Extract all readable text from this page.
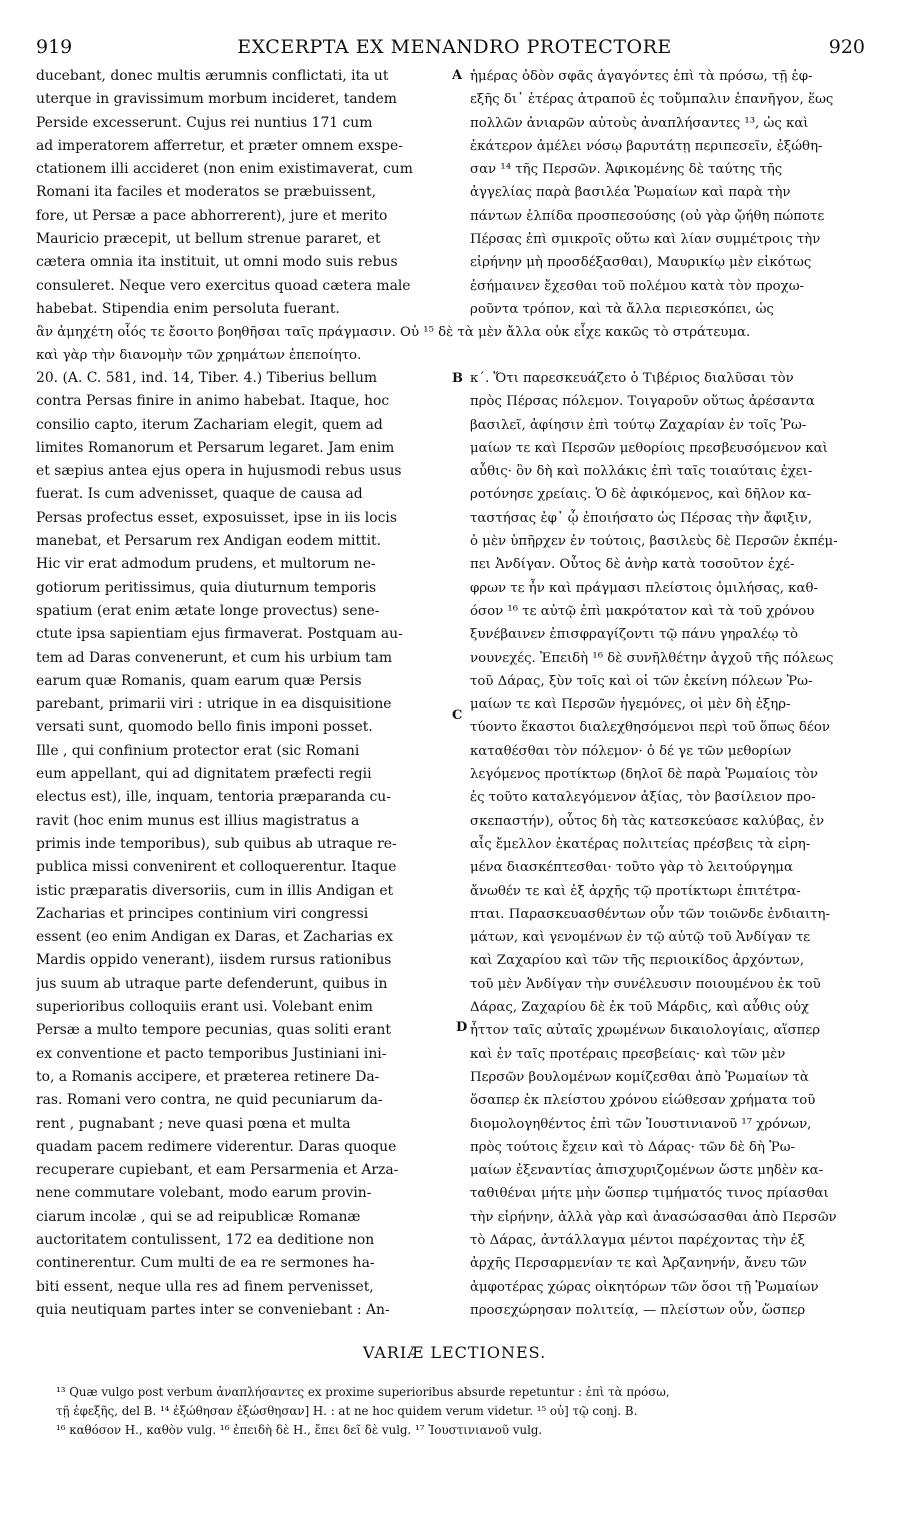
919	EXCERPTA EX MENANDRO PROTECTORE	920

ducebant, donec multis ærumnis conflictati, ita ut

uterque in gravissimum morbum incideret, tandem

Perside excesserunt. Cujus rei nuntius 171 cum

ad imperatorem afferretur, et præter omnem exspe-

ctationem illi accideret (non enim existimaverat, cum

Romani ita faciles et moderatos se præbuissent,

fore, ut Persæ a pace abhorrerent), jure et merito

Mauricio præcepit, ut bellum strenue pararet, et

cætera omnia ita instituit, ut omni modo suis rebus

consuleret. Neque vero exercitus quoad cætera male

habebat. Stipendia enim persoluta fuerant.

ἡμέρας ὁδὸν σφᾶς ἀγαγόντες ἐπὶ τὰ πρόσω, τῇ ἐφ-

εξῆς δι᾽ ἑτέρας ἀτραποῦ ἐς τοὔμπαλιν ἐπανῆγον, ἕως

πολλῶν ἀνιαρῶν αὐτοὺς ἀναπλήσαντες ¹³, ὡς καὶ

ἑκάτερον ἀμέλει νόσῳ βαρυτάτῃ περιπεσεῖν, ἐξώθη-

σαν ¹⁴ τῆς Περσῶν. Ἀφικομένης δὲ ταύτης τῆς

ἀγγελίας παρὰ βασιλέα Ῥωμαίων καὶ παρὰ τὴν

πάντων ἐλπίδα προσπεσούσης (οὐ γὰρ ᾤήθη πώποτε

Πέρσας ἐπὶ σμικροῖς οὕτω καὶ λίαν συμμέτροις τὴν

εἰρήνην μὴ προσδέξασθαι), Μαυρικίῳ μὲν εἰκότως

ἐσήμαινεν ἔχεσθαι τοῦ πολέμου κατὰ τὸν προχω-

ροῦντα τρόπον, καὶ τὰ ἄλλα περιεσκόπει, ὡς

ἂν ἀμηχέτη οἷός τε ἔσοιτο βοηθῆσαι ταῖς πράγμασιν. Οὐ ¹⁵ δὲ τὰ μὲν ἄλλα οὐκ εἶχε κακῶς τὸ στράτευμα.

καὶ γὰρ τὴν διανομὴν τῶν χρημάτων ἐπεποίητο.

20. (A. C. 581, ind. 14, Tiber. 4.) Tiberius bellum

contra Persas finire in animo habebat. Itaque, hoc

consilio capto, iterum Zachariam elegit, quem ad

limites Romanorum et Persarum legaret. Jam enim

et sæpius antea ejus opera in hujusmodi rebus usus

fuerat. Is cum advenisset, quaque de causa ad

Persas profectus esset, exposuisset, ipse in iis locis

manebat, et Persarum rex Andigan eodem mittit.

Hic vir erat admodum prudens, et multorum ne-

gotiorum peritissimus, quia diuturnum temporis

spatium (erat enim ætate longe provectus) sene-

ctute ipsa sapientiam ejus firmaverat. Postquam au-

tem ad Daras convenerunt, et cum his urbium tam

earum quæ Romanis, quam earum quæ Persis

parebant, primarii viri : utrique in ea disquisitione

versati sunt, quomodo bello finis imponi posset.

Ille , qui confinium protector erat (sic Romani

eum appellant, qui ad dignitatem præfecti regii

electus est), ille, inquam, tentoria præparanda cu-

ravit (hoc enim munus est illius magistratus a

primis inde temporibus), sub quibus ab utraque re-

publica missi convenirent et colloquerentur. Itaque

istic præparatis diversoriis, cum in illis Andigan et

Zacharias et principes continium viri congressi

essent (eo enim Andigan ex Daras, et Zacharias ex

Mardis oppido venerant), iisdem rursus rationibus

jus suum ab utraque parte defenderunt, quibus in

superioribus colloquiis erant usi. Volebant enim

Persæ a multo tempore pecunias, quas soliti erant

ex conventione et pacto temporibus Justiniani ini-

to, a Romanis accipere, et præterea retinere Da-

ras. Romani vero contra, ne quid pecuniarum da-

rent , pugnabant ; neve quasi pœna et multa

quadam pacem redimere viderentur. Daras quoque

recuperare cupiebant, et eam Persarmenia et Arza-

nene commutare volebant, modo earum provin-

ciarum incolæ , qui se ad reipublicæ Romanæ

auctoritatem contulissent, 172 ea deditione non

continerentur. Cum multi de ea re sermones ha-

biti essent, neque ulla res ad finem pervenisset,

quia neutiquam partes inter se conveniebant : An-

κ΄. Ὅτι παρεσκευάζετο ὁ Τιβέριος διαλῦσαι τὸν

πρὸς Πέρσας πόλεμον. Τοιγαροῦν οὕτως ἀρέσαντα

βασιλεῖ, ἀφίησιν ἐπὶ τούτῳ Ζαχαρίαν ἐν τοῖς Ῥω-

μαίων τε καὶ Περσῶν μεθορίοις πρεσβευσόμενον καὶ

αὖθις· ὃν δὴ καὶ πολλάκις ἐπὶ ταῖς τοιαύταις ἐχει-

ροτόνησε χρείαις. Ὁ δὲ ἀφικόμενος, καὶ δῆλον κα-

ταστήσας ἐφ᾽ ᾧ ἐποιήσατο ὡς Πέρσας τὴν ἄφιξιν,

ὁ μὲν ὑπῆρχεν ἐν τούτοις, βασιλεὺς δὲ Περσῶν ἐκπέμ-

πει Ἀνδίγαν. Οὗτος δὲ ἀνὴρ κατὰ τοσοῦτον ἐχέ-

φρων τε ἦν καὶ πράγμασι πλείστοις ὁμιλήσας, καθ-

όσον ¹⁶ τε αὐτῷ ἐπὶ μακρότατον καὶ τὰ τοῦ χρόνου

ξυνέβαινεν ἐπισφραγίζοντι τῷ πάνυ γηραλέῳ τὸ

νουνεχές. Ἐπειδὴ ¹⁶ δὲ συνῆλθέτην ἀγχοῦ τῆς πόλεως

τοῦ Δάρας, ξὺν τοῖς καὶ οἱ τῶν ἑκείνη πόλεων Ῥω-

μαίων τε καὶ Περσῶν ἡγεμόνες, οἱ μὲν δὴ ἐξηρ-

τύοντο ἕκαστοι διαλεχθησόμενοι περὶ τοῦ ὅπως δέον

καταθέσθαι τὸν πόλεμον· ὁ δέ γε τῶν μεθορίων

λεγόμενος προτίκτωρ (δηλοῖ δὲ παρὰ Ῥωμαίοις τὸν

ἐς τοῦτο καταλεγόμενον ἀξίας, τὸν βασίλειον προ-

σκεπαστήν), οὗτος δὴ τὰς κατεσκεύασε καλύβας, ἐν

αἷς ἔμελλον ἑκατέρας πολιτείας πρέσβεις τὰ εἰρη-

μένα διασκέπτεσθαι· τοῦτο γὰρ τὸ λειτούργημα

ἄνωθέν τε καὶ ἐξ ἀρχῆς τῷ προτίκτωρι ἐπιτέτρα-

πται. Παρασκευασθέντων οὖν τῶν τοιῶνδε ἐνδιαιτη-

μάτων, καὶ γενομένων ἐν τῷ αὐτῷ τοῦ Ἀνδίγαν τε

καὶ Ζαχαρίου καὶ τῶν τῆς περιοικίδος ἀρχόντων,

τοῦ μὲν Ἀνδίγαν τὴν συνέλευσιν ποιουμένου ἐκ τοῦ

Δάρας, Ζαχαρίου δὲ ἐκ τοῦ Μάρδις, καὶ αὖθις οὐχ

ἧττον ταῖς αὐταῖς χρωμένων δικαιολογίαις, αἵσπερ

καὶ ἐν ταῖς προτέραις πρεσβείαις· καὶ τῶν μὲν

Περσῶν βουλομένων κομίζεσθαι ἀπὸ Ῥωμαίων τὰ

ὅσαπερ ἐκ πλείστου χρόνου εἰώθεσαν χρήματα τοῦ

διομολογηθέντος ἐπὶ τῶν Ἰουστινιανοῦ ¹⁷ χρόνων,

πρὸς τούτοις ἔχειν καὶ τὸ Δάρας· τῶν δὲ δὴ Ῥω-

μαίων ἐξεναντίας ἀπισχυριζομένων ὥστε μηδὲν κα-

ταθιθέναι μήτε μὴν ὥσπερ τιμήματός τινος πρίασθαι

τὴν εἰρήνην, ἀλλὰ γὰρ καὶ ἀνασώσασθαι ἀπὸ Περσῶν

τὸ Δάρας, ἀντάλλαγμα μέντοι παρέχοντας τὴν ἐξ

ἀρχῆς Περσαρμενίαν τε καὶ Ἀρζανηνήν, ἄνευ τῶν

ἀμφοτέρας χώρας οἰκητόρων τῶν ὅσοι τῇ Ῥωμαίων

προσεχώρησαν πολιτείᾳ, — πλείστων οὖν, ὥσπερ

A
B
C
D
VARIÆ LECTIONES.

¹³ Quæ vulgo post verbum ἀναπλήσαντες ex proxime superioribus absurde repetuntur : ἐπὶ τὰ πρόσω,

τῇ ἐφεξῆς, del B. ¹⁴ ἐξώθησαν ἐξώσθησαν] H. : at ne hoc quidem verum videtur. ¹⁵ οὐ] τῷ conj. B.

¹⁶ καθόσον H., καθὸν vulg. ¹⁶ ἐπειδὴ δὲ H., ἔπει δεῖ δὲ vulg. ¹⁷ Ἰουστινιανοῦ vulg.
